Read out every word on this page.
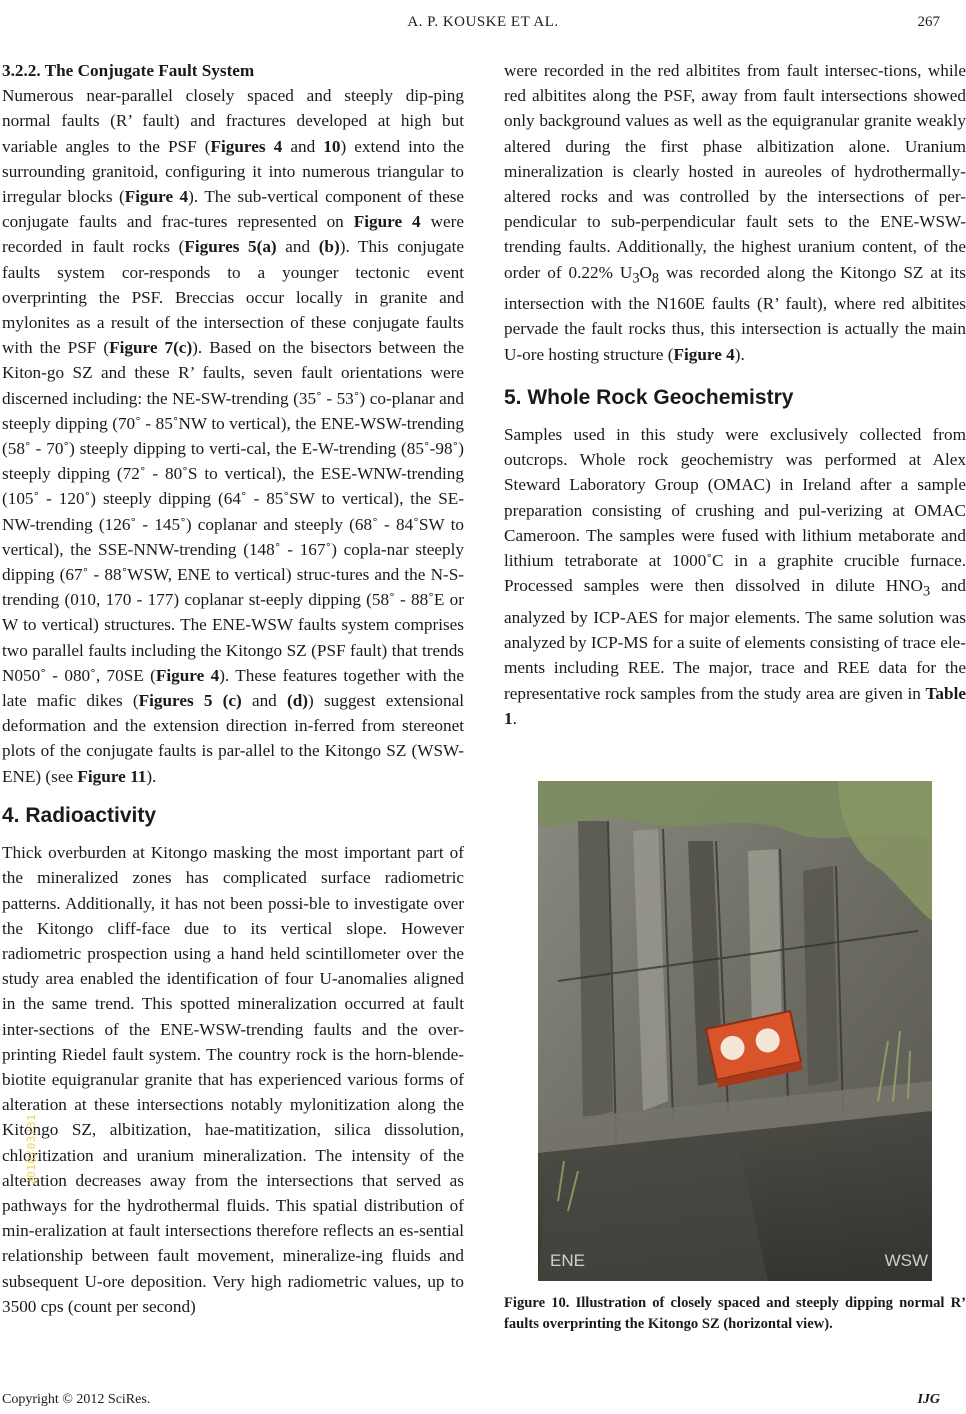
A. P. KOUSKE ET AL.	267

3.2.2. The Conjugate Fault System

Numerous near-parallel closely spaced and steeply dip-ping normal faults (R’ fault) and fractures developed at high but variable angles to the PSF (Figures 4 and 10) extend into the surrounding granitoid, configuring it into numerous triangular to irregular blocks (Figure 4). The sub-vertical component of these conjugate faults and frac-tures represented on Figure 4 were recorded in fault rocks (Figures 5(a) and (b)). This conjugate faults system cor-responds to a younger tectonic event overprinting the PSF. Breccias occur locally in granite and mylonites as a result of the intersection of these conjugate faults with the PSF (Figure 7(c)). Based on the bisectors between the Kiton-go SZ and these R’ faults, seven fault orientations were discerned including: the NE-SW-trending (35˚ - 53˚) co-planar and steeply dipping (70˚ - 85˚NW to vertical), the ENE-WSW-trending (58˚ - 70˚) steeply dipping to verti-cal, the E-W-trending (85˚-98˚) steeply dipping (72˚ - 80˚S to vertical), the ESE-WNW-trending (105˚ - 120˚) steeply dipping (64˚ - 85˚SW to vertical), the SE-NW-trending (126˚ - 145˚) coplanar and steeply (68˚ - 84˚SW to vertical), the SSE-NNW-trending (148˚ - 167˚) copla-nar steeply dipping (67˚ - 88˚WSW, ENE to vertical) struc-tures and the N-S-trending (010, 170 - 177) coplanar st-eeply dipping (58˚ - 88˚E or W to vertical) structures. The ENE-WSW faults system comprises two parallel faults including the Kitongo SZ (PSF fault) that trends N050˚ - 080˚, 70SE (Figure 4). These features together with the late mafic dikes (Figures 5 (c) and (d)) suggest extensional deformation and the extension direction in-ferred from stereonet plots of the conjugate faults is par-allel to the Kitongo SZ (WSW- ENE) (see Figure 11).

4. Radioactivity

Thick overburden at Kitongo masking the most important part of the mineralized zones has complicated surface radiometric patterns. Additionally, it has not been possi-ble to investigate over the Kitongo cliff-face due to its vertical slope. However radiometric prospection using a hand held scintillometer over the study area enabled the identification of four U-anomalies aligned in the same trend. This spotted mineralization occurred at fault inter-sections of the ENE-WSW-trending faults and the over-printing Riedel fault system. The country rock is the horn-blende-biotite equigranular granite that has experienced various forms of alteration at these intersections notably mylonitization along the Kitongo SZ, albitization, hae-matitization, silica dissolution, chloritization and uranium mineralization. The intensity of the alteration decreases away from the intersections that served as pathways for the hydrothermal fluids. This spatial distribution of min-eralization at fault intersections therefore reflects an es-sential relationship between fault movement, mineralize-ing fluids and subsequent U-ore deposition. Very high radiometric values, up to 3500 cps (count per second)

were recorded in the red albitites from fault intersec-tions, while red albitites along the PSF, away from fault intersections showed only background values as well as the equigranular granite weakly altered during the first phase albitization alone. Uranium mineralization is clearly hosted in aureoles of hydrothermally-altered rocks and was controlled by the intersections of per-pendicular to sub-perpendicular fault sets to the ENE-WSW-trending faults. Additionally, the highest uranium content, of the order of 0.22% $U_3O_8$ was recorded along the Kitongo SZ at its intersection with the N160E faults (R’ fault), where red albitites pervade the fault rocks thus, this intersection is actually the main U-ore hosting structure (Figure 4).

5. Whole Rock Geochemistry

Samples used in this study were exclusively collected from outcrops. Whole rock geochemistry was performed at Alex Steward Laboratory Group (OMAC) in Ireland after a sample preparation consisting of crushing and pul-verizing at OMAC Cameroon. The samples were fused with lithium metaborate and lithium tetraborate at 1000˚C in a graphite crucible furnace. Processed samples were then dissolved in dilute $HNO_3$ and analyzed by ICP-AES for major elements. The same solution was analyzed by ICP-MS for a suite of elements consisting of trace ele-ments including REE. The major, trace and REE data for the representative rock samples from the study area are given in Table 1.

ENE	WSW
2010/03/31
Figure 10. Illustration of closely spaced and steeply dipping normal R’ faults overprinting the Kitongo SZ (horizontal view).
Copyright © 2012 SciRes.	IJG
